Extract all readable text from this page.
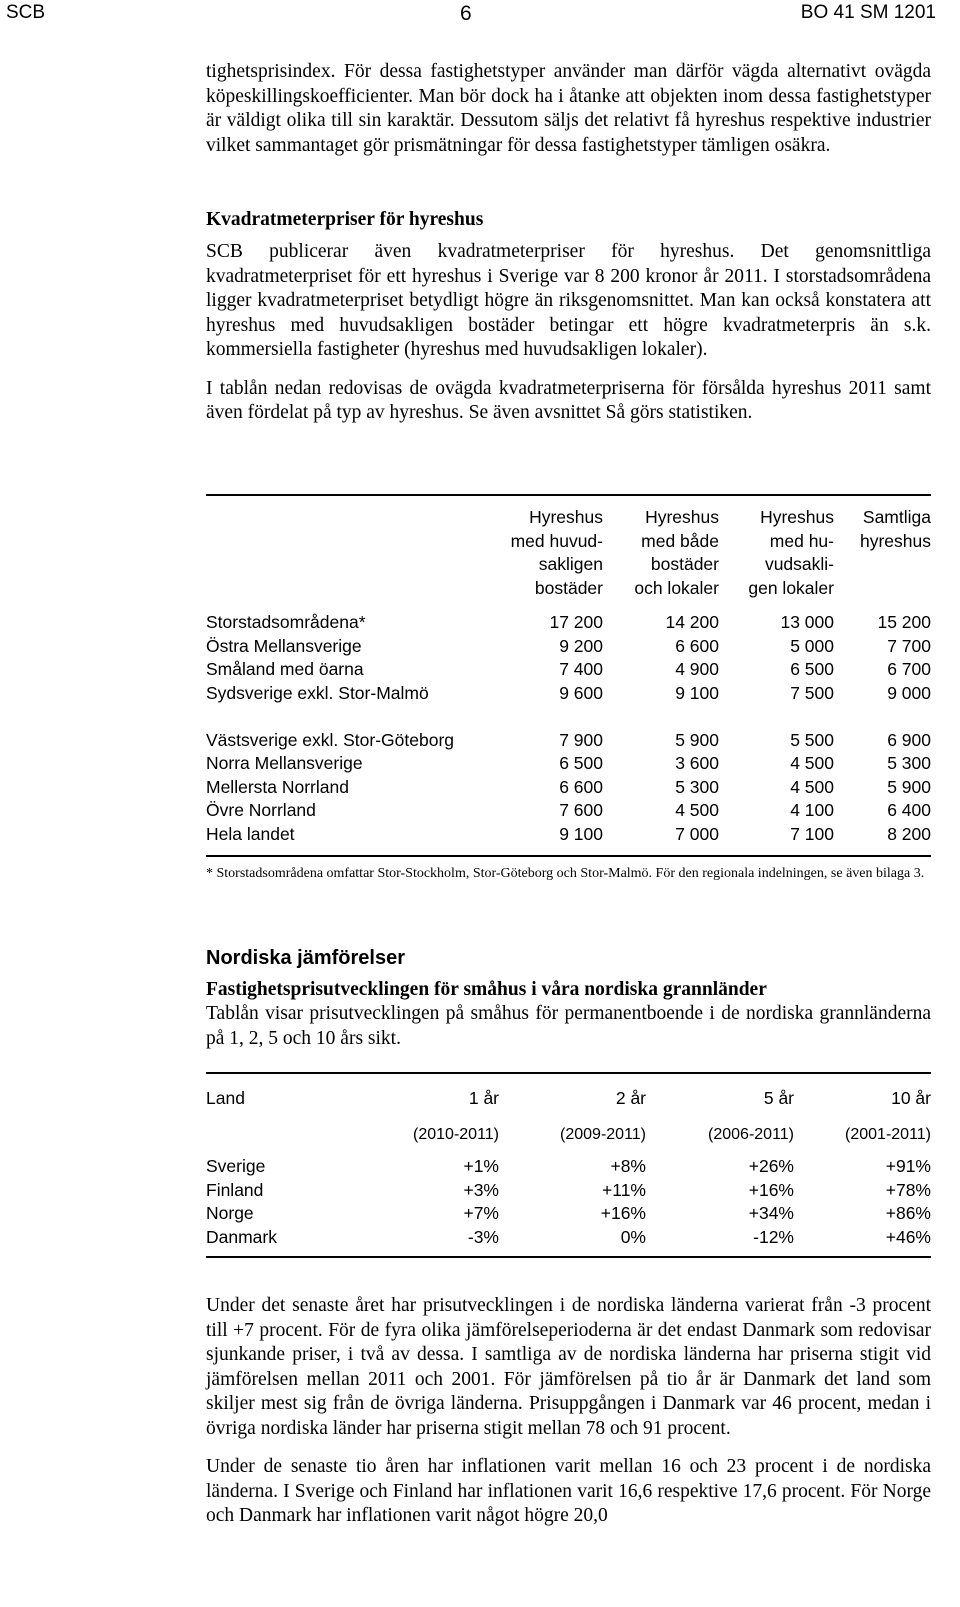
SCB	6	BO 41 SM 1201

tighetsprisindex. För dessa fastighetstyper använder man därför vägda alternativt ovägda köpeskillingskoefficienter. Man bör dock ha i åtanke att objekten inom dessa fastighetstyper är väldigt olika till sin karaktär. Dessutom säljs det relativt få hyreshus respektive industrier vilket sammantaget gör prismätningar för dessa fastighetstyper tämligen osäkra.

Kvadratmeterpriser för hyreshus

SCB publicerar även kvadratmeterpriser för hyreshus. Det genomsnittliga kvadratmeterpriset för ett hyreshus i Sverige var 8 200 kronor år 2011. I storstadsområdena ligger kvadratmeterpriset betydligt högre än riksgenomsnittet. Man kan också konstatera att hyreshus med huvudsakligen bostäder betingar ett högre kvadratmeterpris än s.k. kommersiella fastigheter (hyreshus med huvudsakligen lokaler).

I tablån nedan redovisas de ovägda kvadratmeterpriserna för försålda hyreshus 2011 samt även fördelat på typ av hyreshus. Se även avsnittet Så görs statistiken.

	Hyreshus
med huvud-
sakligen
bostäder	Hyreshus
med både
bostäder
och lokaler	Hyreshus
med hu-
vudsakli-
gen lokaler	Samtliga
hyreshus

Storstadsområdena*	17 200	14 200	13 000	15 200
Östra Mellansverige	9 200	6 600	5 000	7 700
Småland med öarna	7 400	4 900	6 500	6 700
Sydsverige exkl. Stor-Malmö	9 600	9 100	7 500	9 000
Västsverige exkl. Stor-Göteborg	7 900	5 900	5 500	6 900
Norra Mellansverige	6 500	3 600	4 500	5 300
Mellersta Norrland	6 600	5 300	4 500	5 900
Övre Norrland	7 600	4 500	4 100	6 400
Hela landet	9 100	7 000	7 100	8 200
* Storstadsområdena omfattar Stor-Stockholm, Stor-Göteborg och Stor-Malmö. För den regionala indelningen, se även bilaga 3.
Nordiska jämförelser
Fastighetsprisutvecklingen för småhus i våra nordiska grannländer

Tablån visar prisutvecklingen på småhus för permanentboende i de nordiska grannländerna på 1, 2, 5 och 10 års sikt.

Land	1 år	2 år	5 år	10 år
	(2010-2011)	(2009-2011)	(2006-2011)	(2001-2011)
Sverige	+1%	+8%	+26%	+91%
Finland	+3%	+11%	+16%	+78%
Norge	+7%	+16%	+34%	+86%
Danmark	-3%	0%	-12%	+46%

Under det senaste året har prisutvecklingen i de nordiska länderna varierat från -3 procent till +7 procent. För de fyra olika jämförelseperioderna är det endast Danmark som redovisar sjunkande priser, i två av dessa. I samtliga av de nordiska länderna har priserna stigit vid jämförelsen mellan 2011 och 2001. För jämförelsen på tio år är Danmark det land som skiljer mest sig från de övriga länderna. Prisuppgången i Danmark var 46 procent, medan i övriga nordiska länder har priserna stigit mellan 78 och 91 procent.

Under de senaste tio åren har inflationen varit mellan 16 och 23 procent i de nordiska länderna. I Sverige och Finland har inflationen varit 16,6 respektive 17,6 procent. För Norge och Danmark har inflationen varit något högre 20,0
